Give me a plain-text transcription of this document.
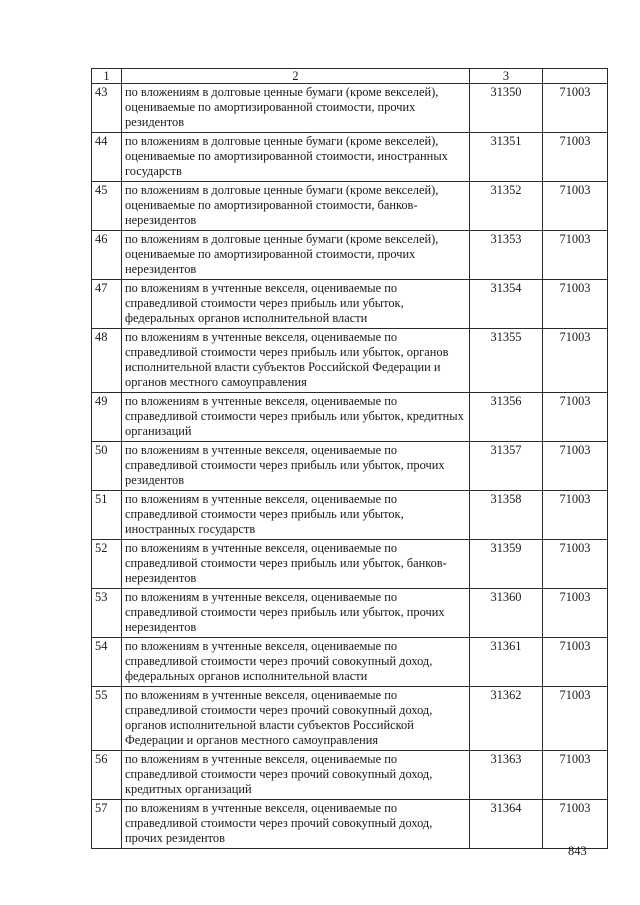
1	2	3	
43	по вложениям в долговые ценные бумаги (кроме векселей), оцениваемые по амортизированной стоимости, прочих резидентов	31350	71003
44	по вложениям в долговые ценные бумаги (кроме векселей), оцениваемые по амортизированной стоимости, иностранных государств	31351	71003
45	по вложениям в долговые ценные бумаги (кроме векселей), оцениваемые по амортизированной стоимости, банков-нерезидентов	31352	71003
46	по вложениям в долговые ценные бумаги (кроме векселей), оцениваемые по амортизированной стоимости, прочих нерезидентов	31353	71003
47	по вложениям в учтенные векселя, оцениваемые по справедливой стоимости через прибыль или убыток, федеральных органов исполнительной власти	31354	71003
48	по вложениям в учтенные векселя, оцениваемые по справедливой стоимости через прибыль или убыток, органов исполнительной власти субъектов Российской Федерации и органов местного самоуправления	31355	71003
49	по вложениям в учтенные векселя, оцениваемые по справедливой стоимости через прибыль или убыток, кредитных организаций	31356	71003
50	по вложениям в учтенные векселя, оцениваемые по справедливой стоимости через прибыль или убыток, прочих резидентов	31357	71003
51	по вложениям в учтенные векселя, оцениваемые по справедливой стоимости через прибыль или убыток, иностранных государств	31358	71003
52	по вложениям в учтенные векселя, оцениваемые по справедливой стоимости через прибыль или убыток, банков-нерезидентов	31359	71003
53	по вложениям в учтенные векселя, оцениваемые по справедливой стоимости через прибыль или убыток, прочих нерезидентов	31360	71003
54	по вложениям в учтенные векселя, оцениваемые по справедливой стоимости через прочий совокупный доход, федеральных органов исполнительной власти	31361	71003
55	по вложениям в учтенные векселя, оцениваемые по справедливой стоимости через прочий совокупный доход, органов исполнительной власти субъектов Российской Федерации и органов местного самоуправления	31362	71003
56	по вложениям в учтенные векселя, оцениваемые по справедливой стоимости через прочий совокупный доход, кредитных организаций	31363	71003
57	по вложениям в учтенные векселя, оцениваемые по справедливой стоимости через прочий совокупный доход, прочих резидентов	31364	71003
843
